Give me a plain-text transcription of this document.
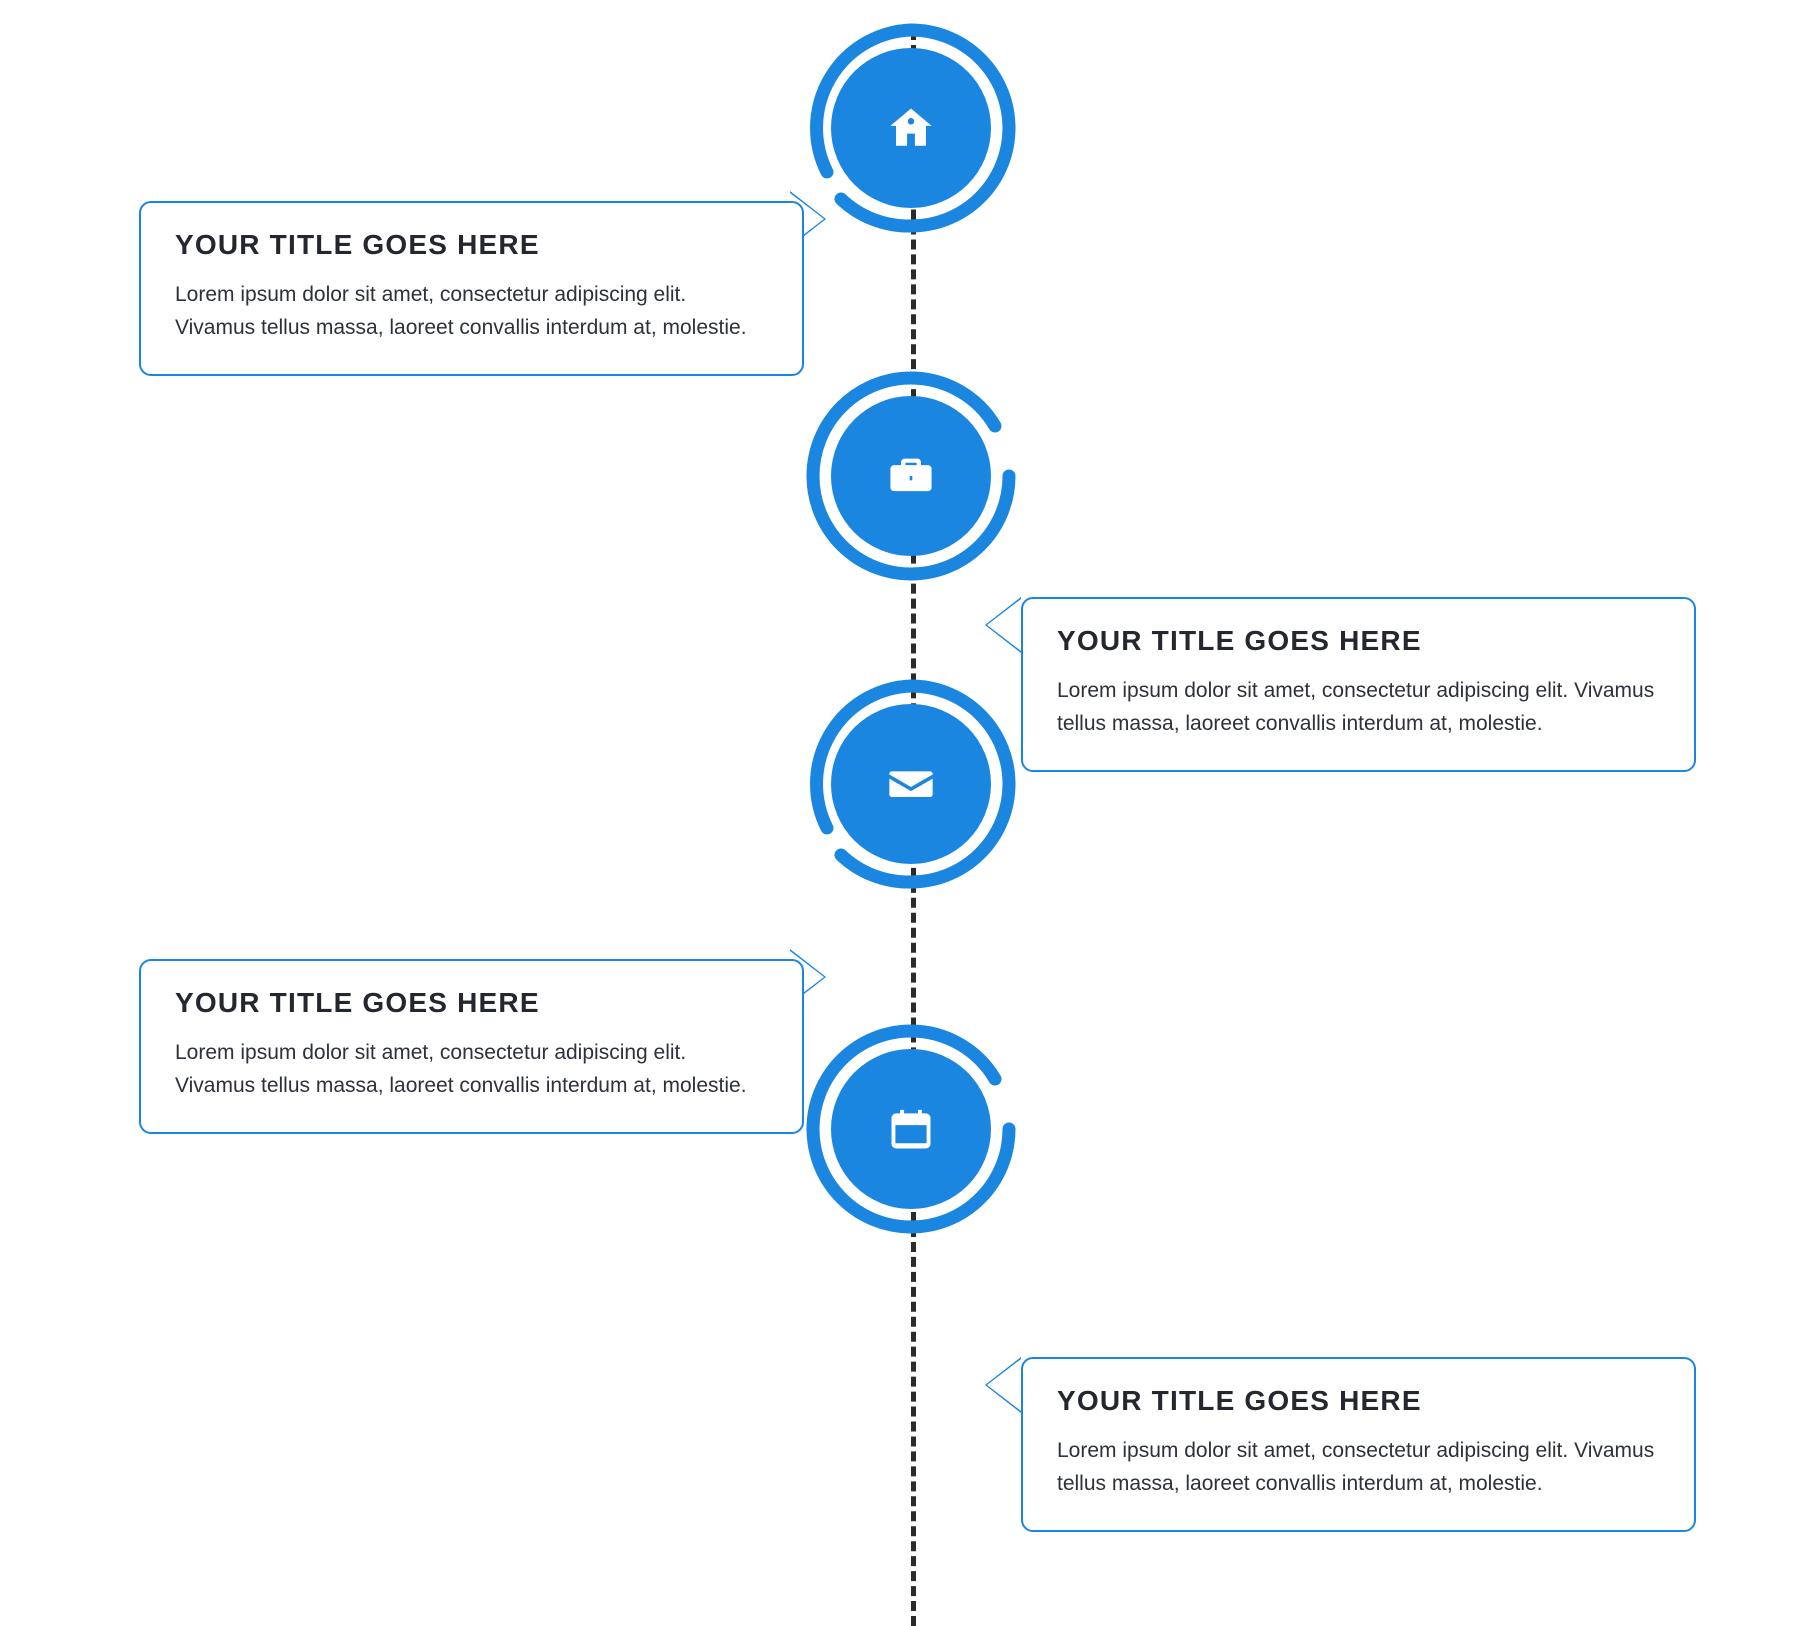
YOUR TITLE GOES HERE

Lorem ipsum dolor sit amet, consectetur adipiscing elit. Vivamus tellus massa, laoreet convallis interdum at, molestie.

YOUR TITLE GOES HERE

Lorem ipsum dolor sit amet, consectetur adipiscing elit. Vivamus tellus massa, laoreet convallis interdum at, molestie.

YOUR TITLE GOES HERE

Lorem ipsum dolor sit amet, consectetur adipiscing elit. Vivamus tellus massa, laoreet convallis interdum at, molestie.

YOUR TITLE GOES HERE

Lorem ipsum dolor sit amet, consectetur adipiscing elit. Vivamus tellus massa, laoreet convallis interdum at, molestie.
